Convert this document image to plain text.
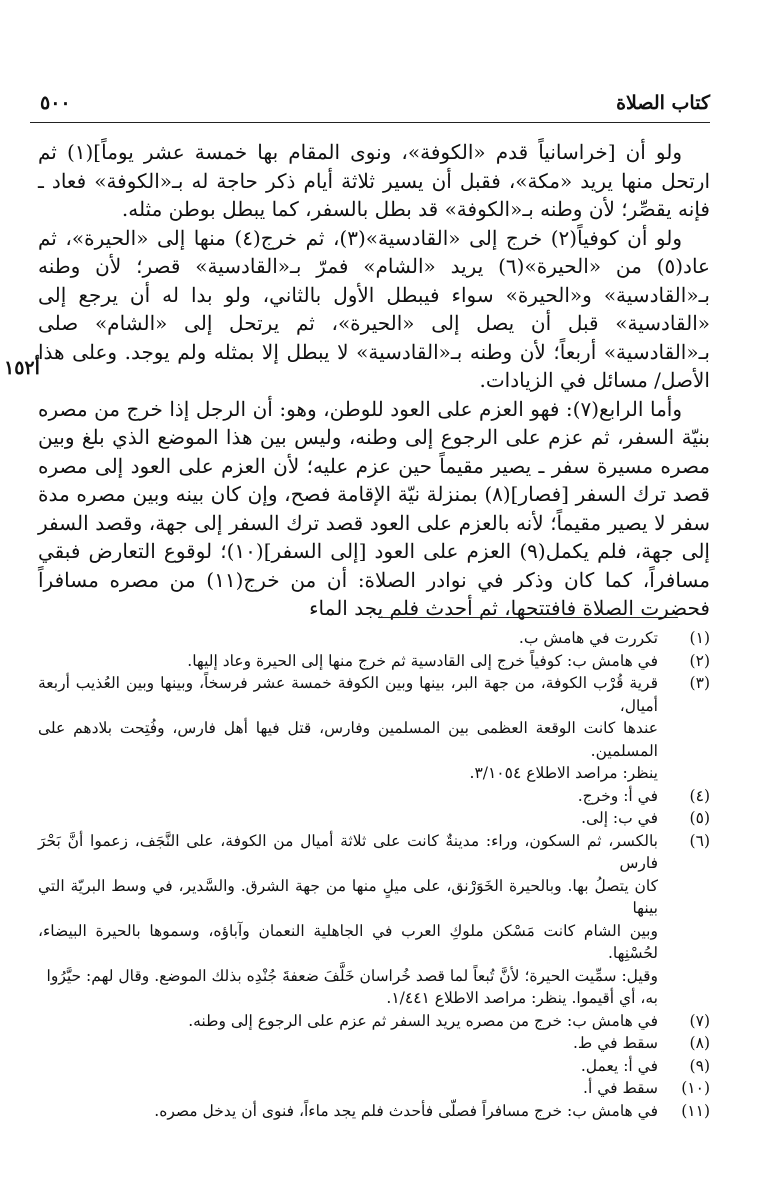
كتاب الصلاة
٥٠٠
أ١٥٢

ولو أن [خراسانياً قدم «الكوفة»، ونوى المقام بها خمسة عشر يوماً](١) ثم ارتحل منها يريد «مكة»، فقبل أن يسير ثلاثة أيام ذكر حاجة له بـ«الكوفة» فعاد ـ فإنه يقصِّر؛ لأن وطنه بـ«الكوفة» قد بطل بالسفر، كما يبطل بوطن مثله.

ولو أن كوفياً(٢) خرج إلى «القادسية»(٣)، ثم خرج(٤) منها إلى «الحيرة»، ثم عاد(٥) من «الحيرة»(٦) يريد «الشام» فمرّ بـ«القادسية» قصر؛ لأن وطنه بـ«القادسية» و«الحيرة» سواء فيبطل الأول بالثاني، ولو بدا له أن يرجع إلى «القادسية» قبل أن يصل إلى «الحيرة»، ثم يرتحل إلى «الشام» صلى بـ«القادسية» أربعاً؛ لأن وطنه بـ«القادسية» لا يبطل إلا بمثله ولم يوجد. وعلى هذا الأصل/ مسائل في الزيادات.

وأما الرابع(٧): فهو العزم على العود للوطن، وهو: أن الرجل إذا خرج من مصره بنيّة السفر، ثم عزم على الرجوع إلى وطنه، وليس بين هذا الموضع الذي بلغ وبين مصره مسيرة سفر ـ يصير مقيماً حين عزم عليه؛ لأن العزم على العود إلى مصره قصد ترك السفر [فصار](٨) بمنزلة نيّة الإقامة فصح، وإن كان بينه وبين مصره مدة سفر لا يصير مقيماً؛ لأنه بالعزم على العود قصد ترك السفر إلى جهة، وقصد السفر إلى جهة، فلم يكمل(٩) العزم على العود [إلى السفر](١٠)؛ لوقوع التعارض فبقي مسافراً، كما كان وذكر في نوادر الصلاة: أن من خرج(١١) من مصره مسافراً فحضرت الصلاة فافتتحها، ثم أحدث فلم يجد الماء

(١)
تكررت في هامش ب.
(٢)
في هامش ب: كوفياً خرج إلى القادسية ثم خرج منها إلى الحيرة وعاد إليها.
(٣)
قرية قُرْب الكوفة، من جهة البر، بينها وبين الكوفة خمسة عشر فرسخاً، وبينها وبين العُذيب أربعة أميال،
عندها كانت الوقعة العظمى بين المسلمين وفارس، قتل فيها أهل فارس، وفُتِحت بلادهم على المسلمين.
ينظر: مراصد الاطلاع ٣/١٠٥٤.
(٤)
في أ: وخرج.
(٥)
في ب: إلى.
(٦)
بالكسر، ثم السكون، وراء: مدينةٌ كانت على ثلاثة أميال من الكوفة، على النَّجَف، زعموا أنَّ بَحْرَ فارس
كان يتصلُ بها. وبالحيرة الخَوَرْنق، على ميلٍ منها من جهة الشرق. والسَّدير، في وسط البريّة التي بينها
وبين الشام كانت مَسْكن ملوكِ العرب في الجاهلية النعمان وآباؤه، وسموها بالحيرة البيضاء، لحُسْنِها.
وقيل: سمِّيت الحيرة؛ لأنَّ تُبعاً لما قصد خُراسان خَلَّفَ ضعفةَ جُنْدِه بذلك الموضع. وقال لهم: حيَّرُوا
به، أي أقيموا. ينظر: مراصد الاطلاع ١/٤٤١.
(٧)
في هامش ب: خرج من مصره يريد السفر ثم عزم على الرجوع إلى وطنه.
(٨)
سقط في ط.
(٩)
في أ: يعمل.
(١٠)
سقط في أ.
(١١)
في هامش ب: خرج مسافراً فصلّى فأحدث فلم يجد ماءاً، فنوى أن يدخل مصره.
